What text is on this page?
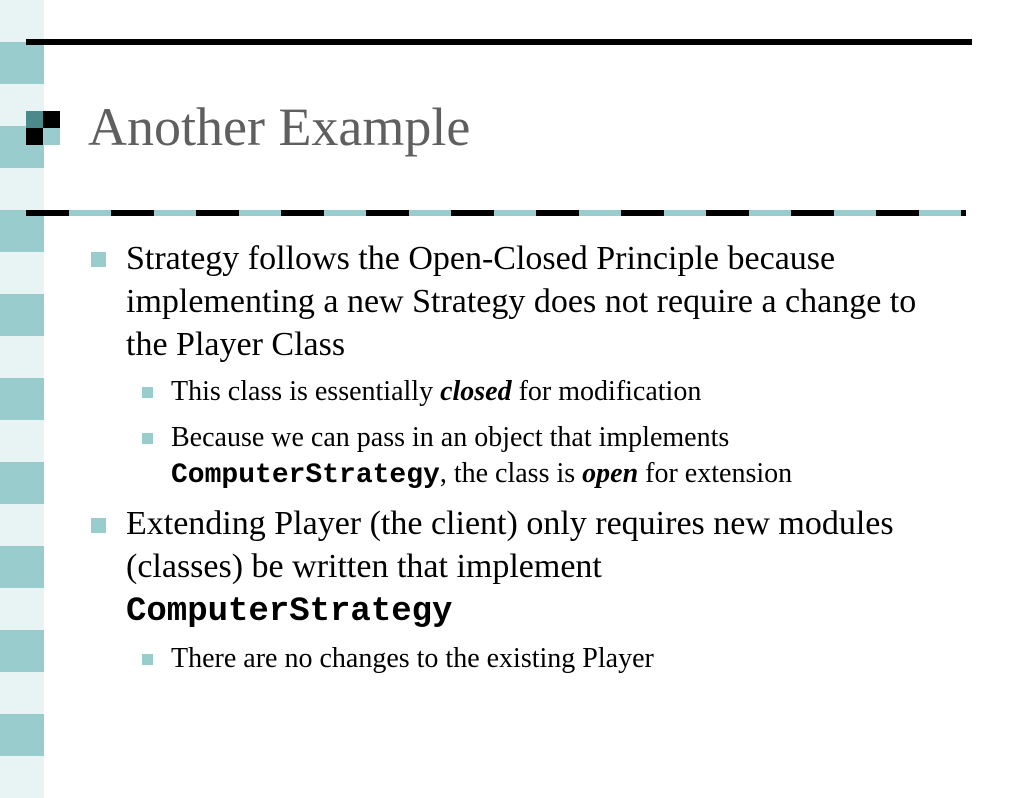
Another Example
Strategy follows the Open-Closed Principle because implementing a new Strategy does not require a change to the Player Class
This class is essentially closed for modification
Because we can pass in an object that implements ComputerStrategy, the class is open for extension
Extending Player (the client) only requires new modules (classes) be written that implement
ComputerStrategy
There are no changes to the existing Player
